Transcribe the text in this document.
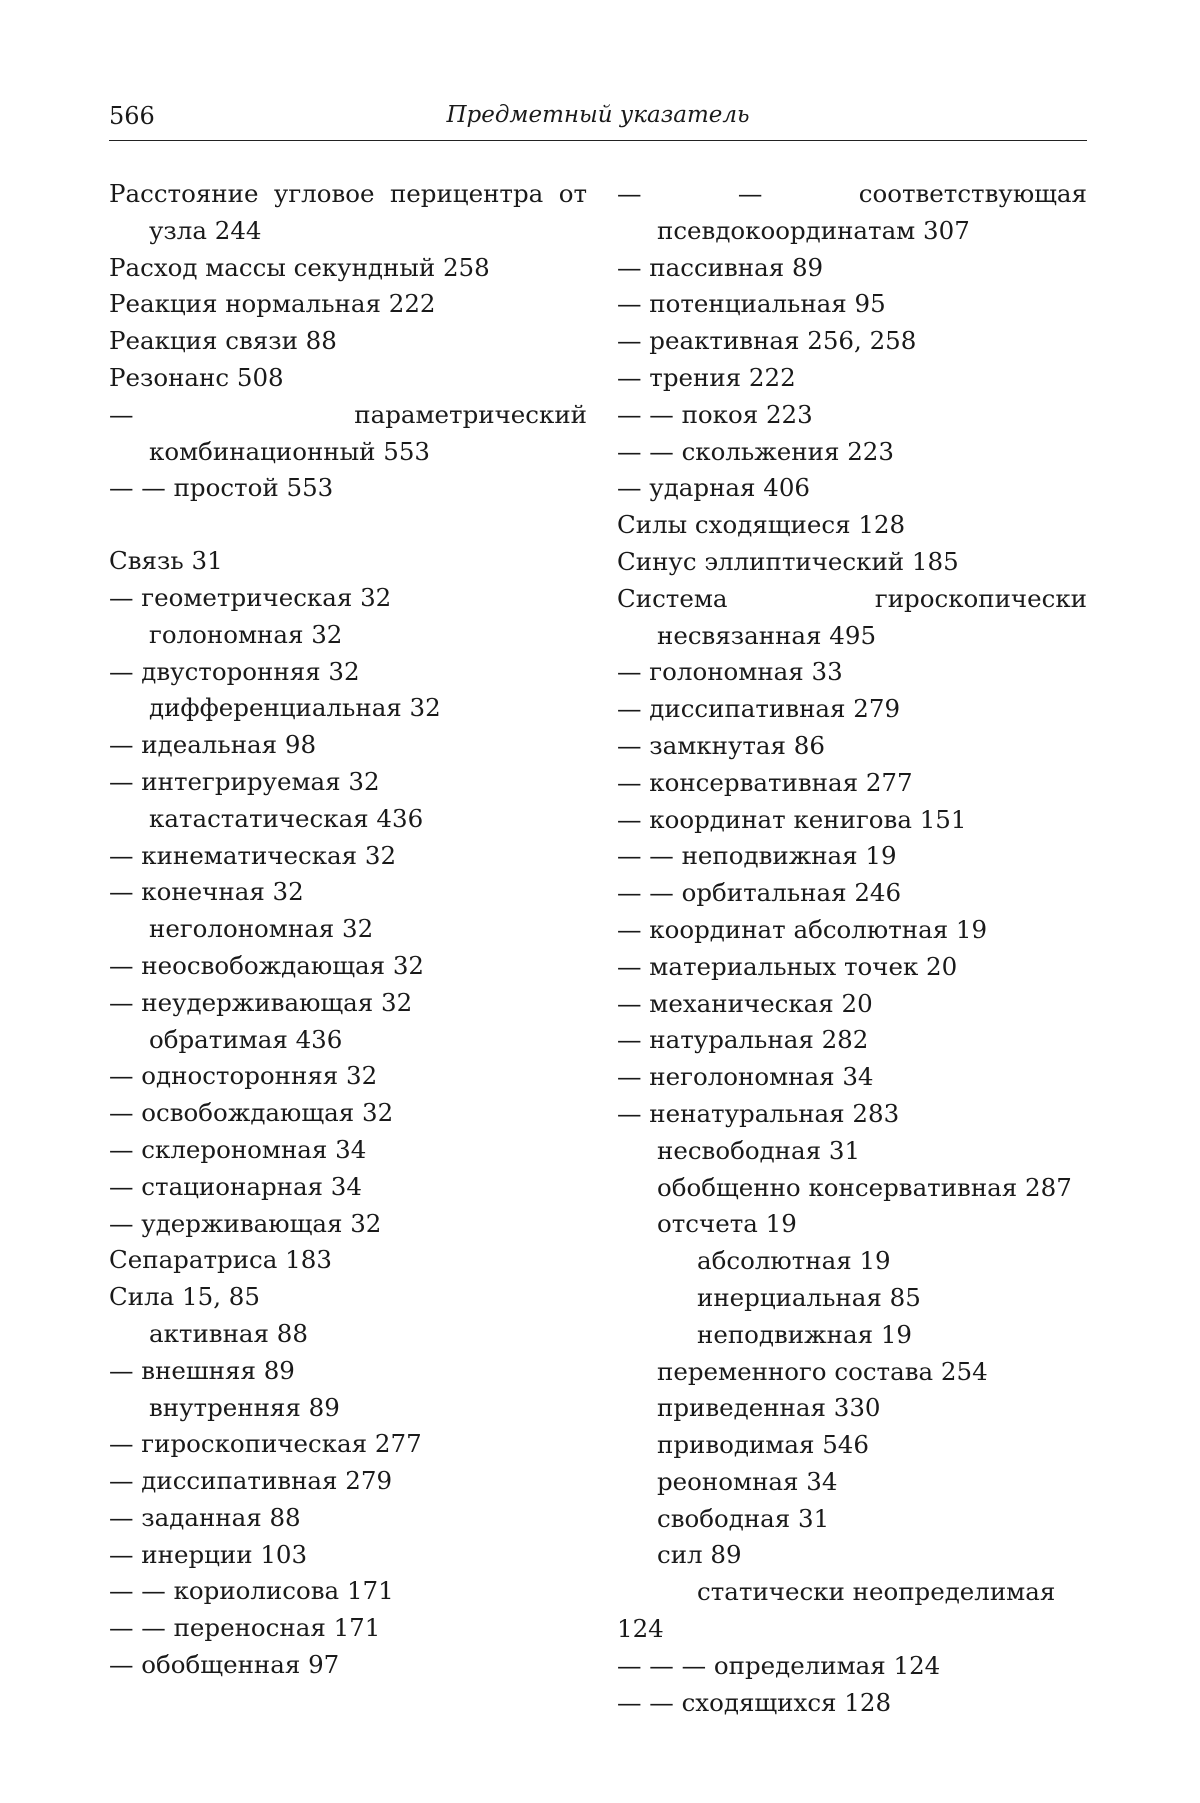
566	Предметный указатель
Расстояние угловое перицентра от узла 244
Расход массы секундный 258
Реакция нормальная 222
Реакция связи 88
Резонанс 508
— параметрический комбинационный 553
— — простой 553
Связь 31
— геометрическая 32
голономная 32
— двусторонняя 32
дифференциальная 32
— идеальная 98
— интегрируемая 32
катастатическая 436
— кинематическая 32
— конечная 32
неголономная 32
— неосвобождающая 32
— неудерживающая 32
обратимая 436
— односторонняя 32
— освобождающая 32
— склерономная 34
— стационарная 34
— удерживающая 32
Сепаратриса 183
Сила 15, 85
активная 88
— внешняя 89
внутренняя 89
— гироскопическая 277
— диссипативная 279
— заданная 88
— инерции 103
— — кориолисова 171
— — переносная 171
— обобщенная 97
— — соответствующая псевдокоординатам 307
— пассивная 89
— потенциальная 95
— реактивная 256, 258
— трения 222
— — покоя 223
— — скольжения 223
— ударная 406
Силы сходящиеся 128
Синус эллиптический 185
Система гироскопически несвязанная 495
— голономная 33
— диссипативная 279
— замкнутая 86
— консервативная 277
— координат кенигова 151
— — неподвижная 19
— — орбитальная 246
— координат абсолютная 19
— материальных точек 20
— механическая 20
— натуральная 282
— неголономная 34
— ненатуральная 283
несвободная 31
обобщенно консервативная 287
отсчета 19
абсолютная 19
инерциальная 85
неподвижная 19
переменного состава 254
приведенная 330
приводимая 546
реономная 34
свободная 31
сил 89
статически неопределимая
124
— — — определимая 124
— — сходящихся 128
